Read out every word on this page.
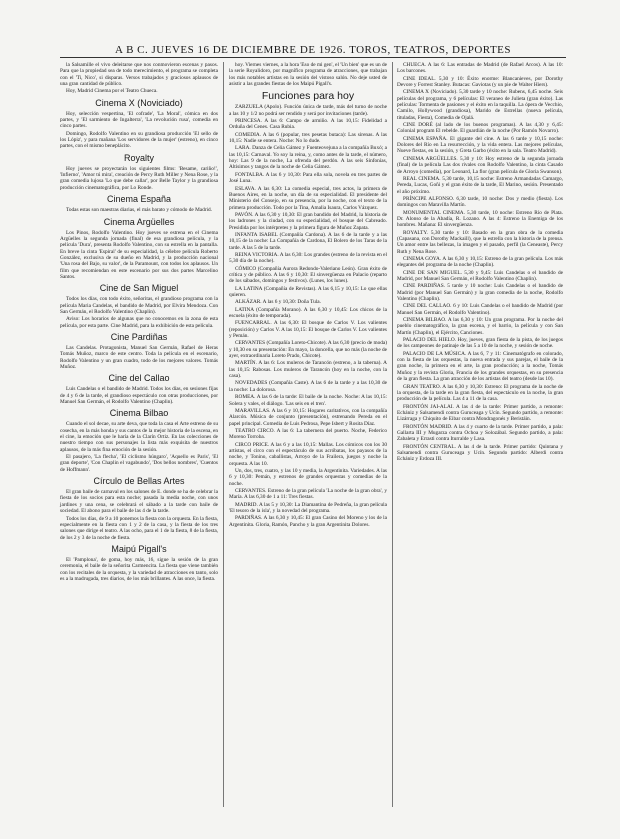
A B C. JUEVES 16 DE DICIEMBRE DE 1926. TOROS, TEATROS, DEPORTES

la Salsamille el vivo deleitarse que nos conmovieron escenas y pasos. Para que la propiedad sea de todo merecimiento, el programa se completa con el 'Ti, Nico', si disparas. Versos trabajados y graciosos aplausos de una gran cantidad de público.

Hoy, Madrid Cinema por el Teatro Chueca.

Cinema X (Noviciado)

Hoy, selección vespertina, 'El cofrade', 'La Moral', cómica en dos partes, y 'El sarmiento de Ingalterra', 'La revolución rusa', comedia en cinco partes.

Domingo, Rodolfo Valentino en su grandiosa producción 'El sello de los Lópiz', y para mañana 'Los servidores de la mujer' (estreno), en cinco partes, con el mismo beneplácito.

Royalty

Hoy jueves se proyectarán los siguientes films: 'Besame, cariño!', 'Infierno', 'Amor tú mira', creación de Percy Ruth Miller y Nena Rose, y la gran comedia lujosa 'Lo que debe callar', por Belle Taylor y la grandiosa producción cinematográfica, por Lo Ronde.

Cinema España

Todas estas son maestras diarias, el más barato y cómodo de Madrid.

Cinema Argüelles

Los Pinos, Rodolfo Valentino. Hoy jueves se estrena en el Cinema Argüelles la segunda jornada (final) de esa grandiosa película, y la película 'Dura', presenta Rodolfo Valentino, con su estrella en la pantalla. En breve la cinta 'Espiral' de su especialidad, la célebre película Roberto González, exclusiva de su dueño en Madrid, y la producción nacional 'Una rosa del Bajo, su valor', de la Paramount, con todos los aplausos. Un film que recomiendan en este escenario por sus dos partes Marcelino Santos.

Cine de San Miguel

Todos los días, con todo éxito, señoritas, el grandioso programa con la película Maria Candelas, el bandido de Madrid, por Elvira Mendoza. Con San Germán, el Rodolfo Valentino (Chaplin).

Aviso: Los horarios de algunas que no conocemos en la zona de esta película, por esta parte. Cine Madrid, para la exhibición de esta película.

Cine Pardiñas

Las Candelas. Protagonista, Manuel San Germán, Rafael de Heras Tomás Muñoz, marco de este centro. Toda la película en el escenario, Rodolfo Valentino y un gran cuadro, todo de los mejores valores. Tomás Muñoz.

Cine del Callao

Luis Candelas o el bandido de Madrid. Todos los días, en sesiones fijas de 4 y 6 de la tarde, el grandioso espectáculo con otras producciones, por Manuel San Germán, el Rodolfo Valentino (Chaplin).

Cinema Bilbao

Cuando el sol decae, su arte deva, que toda la casa el Arte estreno de su cosecha, en la más honda y sus cantos de la mejor historia de la escena, en el cine, la emoción que le haría de la Clarín Ortiz. En las colecciones de nuestro tiempo con sus personajes la lista más exquisita de nuestros aplausos, de la más fina emoción de la sesión.

El pasajero, 'La flecha', 'El ciclismo húngaro', 'Aquello es Paris', 'El gran deporte', 'Con Chaplin el vagabundo', 'Dos bellos nombres', 'Cuentos de Hoffmann'.

Círculo de Bellas Artes

El gran baile de carnaval en los salones de E. donde se ha de celebrar la fiesta de los socios para esta noche; pasada la media noche, con unos jardines y una cena, se celebrará el sábado a la tarde con baile de sociedad. El abono para el baile de las 4 de la tarde.

Todos los días, de 9 a 10 ponemos la fiesta con la orquesta. En la fiesta, especialmente en la fiesta con 1 y 2 de la casa, y la fiesta de los tres salones que dirige el teatro. A las ocho, para el 1 de la fiesta, 8 de la fiesta, de los 2 y 3 de la noche de fiesta.

Maipú Pigall's

El 'Pamplona', de goma, hoy más, 16, sigue la sesión de la gran ceremonia, el baile de la señorita Carmencita. La fiesta que viene también con los recitales de la orquesta, y la variedad de atracciones en tanto, solo es a la madrugada, tres diarios, de los más brillantes. A las once, la fiesta.

hoy. Viernes viernes, a la hora 'Eso de mi gen', el 'Un bien' que es un de la serie Royalidoro, por magnífico programa de atracciones, que trabajan los más notables artistas en la sesión del vistoso salón. No deje usted de asistir a las grandes fiestas de los Maipú Pigall's.

Funciones para hoy

ZARZUELA (Apolo). Función única de tarde, más del turno de noche a las 10 y 1/2 no podrá ser rendido y será por invitaciones (tarde).

PRINCESA. A las 6: Campo de armiño. A las 10,15: Fidelidad a Orduña del Cenes. Casa Rubia.

COMEDIA. A las 6 (popular, tres pesetas butaca): Las sirenas. A las 10,15: Nadie se entera. Noche: No lo dude.

LARA. Danza de Celia Gámez y Fuenteovejuna a la compañía Buxó; a las 10,15: Carnaval. Yo soy la reina, y, como antes de la tarde, el número, hoy: Las 9 de la noche, La ofrenda del perdón. A las seis Sinfonías, Altisimos y tangos de la noche de Celia Gámez.

FONTALBA. A las 6 y 10,30: Para ella sola, novela en tres partes de José Luna.

ESLAVA. A las 6,30: La comedia especial, tres actos, la primera de Buenos Aires, en la noche, un día de su especialidad. El presidente del Ministerio del Consejo, en su presencia, por la noche, con el texto de la primera producción. Todo por la Tina, Amalia Isaura, Carlos Vázquez.

PAVÓN. A las 6,30 y 10,30: El gran bandido del Madrid, la historia de los ladrones y la ciudad, con su especialidad, el bosque del Cabreado. Presidida por los intérpretes y la primera figura de Muñoz Zapata.

INFANTA ISABEL (Compañía Cardona). A las 6 de la tarde y a las 10,15 de la noche: La Compañía de Cardona, El Bolero de los Taras de la tarde. A las 5 de la tarde.

REINA VICTORIA. A las 6,30: Los grandes (estreno de la revista en el 5,30 día de la noche).

CÓMICO (Compañía Aurora Redondo-Valeriano León). Gran éxito de crítica y de público. A las 6 y 10,30: El sinvergüenza en Palacio (reparto de los sábados, domingos y festivos). (Lunes, los lunes).

LA LATINA (Compañía de Revistas). A las 6,15 y 10,15: Lo que ellas quieren.

ALKÁZAR. A las 6 y 10,30: Doña Tula.

LATINA (Compañía Morano). A las 6,30 y 10,45: Los chicos de la escuela (éxito de temporada).

FUENCARRAL. A las 6,30: El bosque de Carlos V. Los valientes (reposición) y Carlos V. A las 10,15: El bosque de Carlos V. Los valientes y Pemán.

CERVANTES (Compañía Loreto-Chicote). A las 6,30 (precio de moda) y 10,30 en su presentación: En mayo, la doncella, que no más (la noche de ayer, extraordinaria Loreto Prado, Chicote).

MARTÍN. A las 6: Los muleros de Tarancón (estreno, a la taberna). A las 10,15: Rabosas. Los muleros de Tarancón (hoy en la noche, con la casa).

NOVEDADES (Compañía Caste). A las 6 de la tarde y a las 10,30 de la noche: La dolorosa.

ROMEA. A las 6 de la tarde: El baile de la noche. Noche: A las 10,15: Solera y vales, el diálogo. 'Las seis en el tren'.

MARAVILLAS. A las 6 y 10,15: Hogares caritativos, con la compañía Alarcón. Música de conjunto (presentación), estrenando Pereda en el papel principal. Comedia de Luis Pedrosa, Pepe Isbert y Rosita Díaz.

TEATRO CIRCO. A las 6: La tabernera del puerto. Noche, Federico Moreno Torroba.

CIRCO PRICE. A las 6 y a las 10,15: Mallas. Los cómicos con los 30 artistas, el circo con el espectáculo de sus acróbatas, los payasos de la noche, y Tonino, caballistas, Arroyo de la Frailera, juegos y noche la orquesta. A las 10.

Un, dos, tres, cuatro, y las 10 y media, la Argentinita. Variedades. A las 6 y 10,30: Pemán, y estrenos de grandes orquestas y comedias de la noche.

CERVANTES. Estreno de la gran película 'La noche de la gran obra', y María. A las 6,30 de 1 a 11: Tres fiestas.

MADRID. A las 5 y 10,30: La Diamantina de Pedreña, la gran película 'El tesoro de la isla', y la novedad del programa.

PARDIÑAS. A las 6,30 y 10,45: El gran Casino del Moreno y los de la Argentinita. Gloria, Ramón, Pancho y la gran Argentinita Dolores.

CHUECA. A las 6: Las entradas de Madrid (de Rafael Arcos). A las 10: Los barcones.

CINE IDEAL. 5,30 y 10: Éxito enorme: Blancanieves, por Dorothy Devore y Forrest Stanley. Butacas: Gaviotas (y un pie de Walter Hiers).

CINEMA X (Noviciado). 5,30 tarde y 10 noche: Rubens, 6,45 noche. Seis películas del programa, y 6 películas: El veraneo de Julieta (gran éxito). Las películas: Tormenta de pasiones y el éxito en la taquilla. La ópera de Vecchio, Camilo, Hollywood (grandiosa), Marido de Estrellas (nueva película, tituladas, Fiesta), Comedia de Ojalá.

CINE DORÉ (al lado de los buenos programas). A las 4,30 y 6,45: Colonial program El rebelde. El guardián de la noche (Por Ramón Novarro).

CINEMA ESPAÑA. El gigante del cine. A las 6 tarde y 10,15 noche: Dolores del Río en La resurrección, y la vida entera. Las mejores películas, Nueve fiestas, en la sesión, y Greta Garbo (éxito en la sala. Teatro Madrid).

CINEMA ARGÜELLES. 5,30 y 10: Hoy estreno de la segunda jornada (final) de la película Las dos rivales con Rodolfo Valentino, la cinta Casado de Arroyo (comedia), por Leonard, La flor (gran película de Gloria Swanson).

REAL CINEMA. 5,30 tarde, 10,15 noche: Estreno Armandadas Camargo, Pereda, Lucas, Goñi y el gran éxito de la tarde, El Marino, sesión. Presentado el año próximo.

PRÍNCIPE ALFONSO. 6,30 tarde, 10 noche: Dos y medio (fiesta). Los domingos con Maravilla Martín.

MONUMENTAL CINEMA. 5,30 tarde, 10 noche: Estreno Río de Plata. Dr. Alonso de la Abadía, R. Lozano. A las 4: Estreno la Enemiga de los hombres. Mañana: El sinvergüenza.

ROYALTY. 5,30 tarde y 10: Basado en la gran obra de la comedia (Capasana, con Dorothy Mackaill), que la estrella con la historia de la prensa. Un amor entre las bellezas, la imagen y el pasado, perfil (la Ceneaste), Percy Ruth y Nena Rose.

CINEMA GOYA. A las 6,30 y 10,15: Estreno de la gran película. Los más elegantes del programa de la noche (Chaplin).

CINE DE SAN MIGUEL. 5,30 y 9,45: Luis Candelas o el bandido de Madrid, por Manuel San Germán, el Rodolfo Valentino (Chaplin).

CINE PARDIÑAS. 5 tarde y 10 noche: Luis Candelas o el bandido de Madrid (por Manuel San Germán) y la gran comedia de la noche, Rodolfo Valentino (Chaplin).

CINE DEL CALLAO. 6 y 10: Luis Candelas o el bandido de Madrid (por Manuel San Germán, el Rodolfo Valentino).

CINEMA BILBAO. A las 6,30 y 10: Un gran programa. Por la noche del pueblo cinematográfico, la gran escena, y el barrio, la película y con San Martín (Chaplin), el Ejército, Canciones.

PALACIO DEL HIELO. Hoy, jueves, gran fiesta de la pista, de los juegos de los campeones de patinaje de las 5 a 10 de la noche, y sesión de noche.

PALACIO DE LA MÚSICA. A las 6, 7 y 11: Cinematógrafo en colorado, con la fiesta de las orquestas, la nueva entrada y sus parejas, el baile de la gran noche, la primera en el arte, la gran producción; a la noche, Tomás Muñoz y la revista Gloria, Francia de los grandes orquestas, en su presencia de la gran fiesta. La gran atracción de los artistas del teatro (desde las 10).

GRAN TEATRO. A las 6,30 y 10,30: Estreno: El programa de la noche de la orquesta, de la tarde en la gran fiesta, del espectáculo en la noche, la gran producción de la película. Las 4 a 11 de la casa.

FRONTÓN JAI-ALAI. A las 4 de la tarde: Primer partido, a remonte: Echániz y Salsamendi contra Guruceaga y Ucín. Segundo partido, a remonte: Lizárraga y Chiquito de Eibar contra Mondragonés y Beristáin.

FRONTÓN MADRID. A las 4 y cuarto de la tarde. Primer partido, a pala: Gallarta III y Mugarza contra Ochoa y Solozábal. Segundo partido, a pala: Zabaleta y Errasti contra Iturralde y Lasa.

FRONTÓN CENTRAL. A las 4 de la tarde. Primer partido: Quintana y Salsamendi contra Guruceaga y Ucín. Segundo partido: Alberdi contra Echániz y Erdoza III.
